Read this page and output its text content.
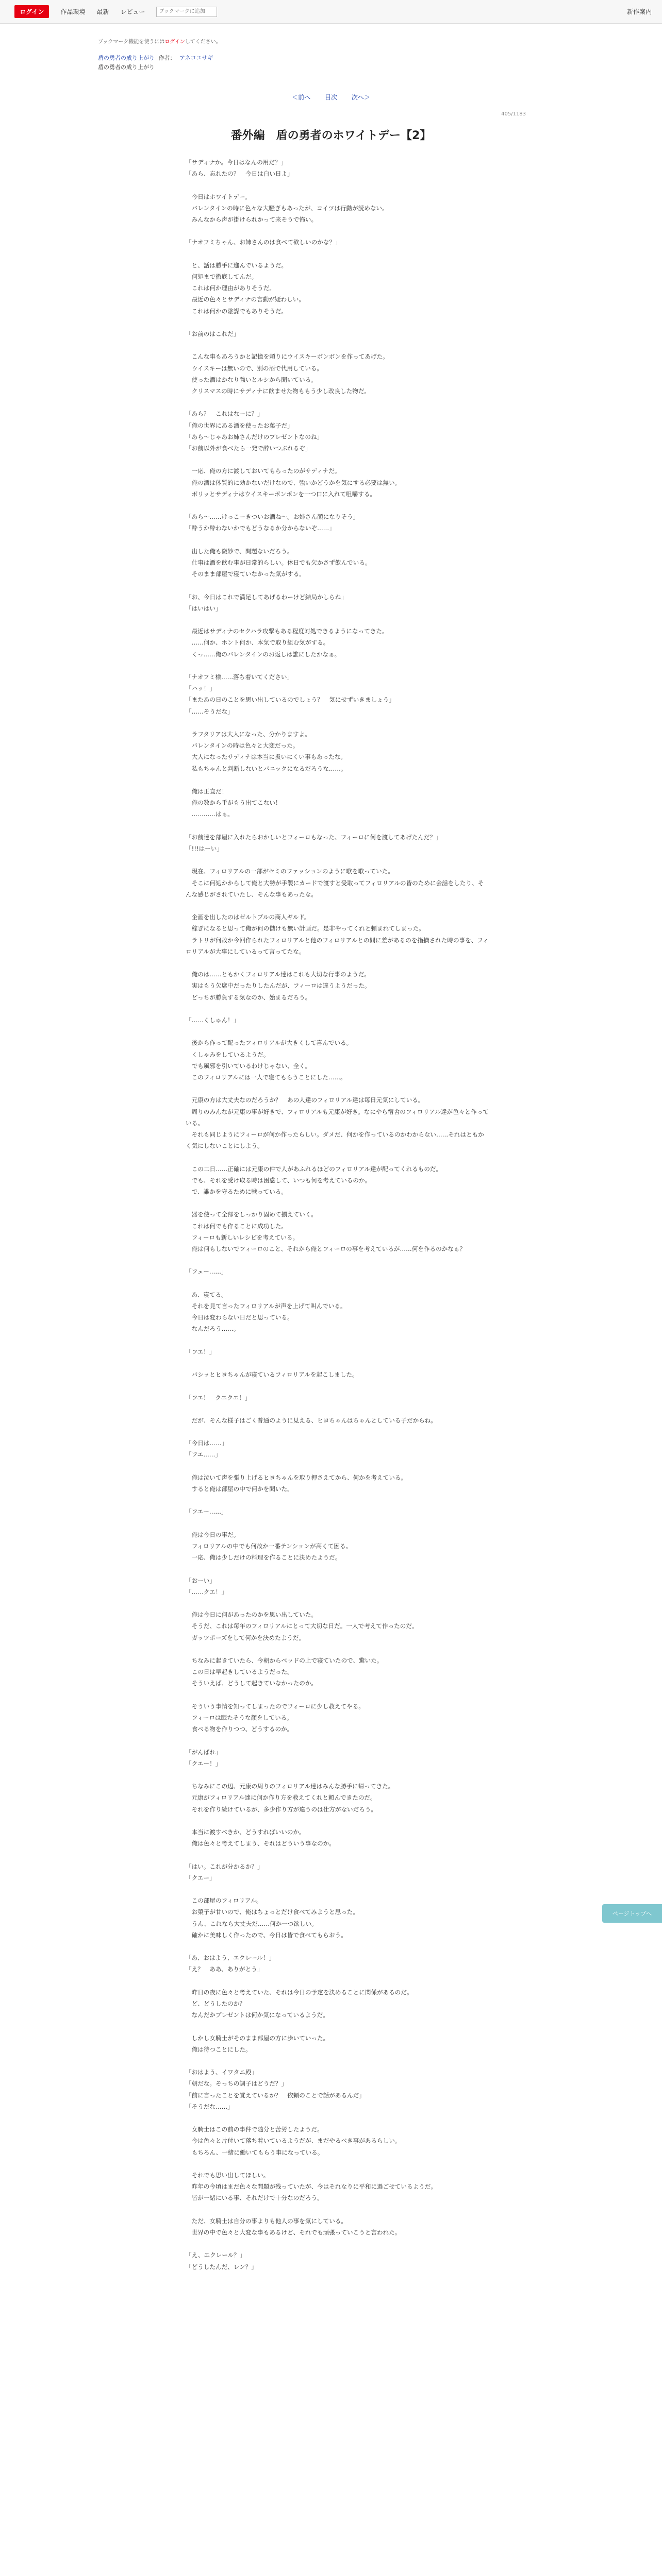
ログイン	作品環境 最新 レビュー
ブックマークに追加	新作案内
ブックマーク機能を使うにはログインしてください。
盾の勇者の成り上がり 作者： アネコユサギ
盾の勇者の成り上がり
＜前へ 目次 次へ＞
405/1183
番外編　盾の勇者のホワイトデー【2】

「サディナか。今日はなんの用だ？」

「あら、忘れたの？　今日は白い日よ」

　今日はホワイトデー。

　バレンタインの時に色々な大騒ぎもあったが、コイツは行動が読めない。

　みんなから声が掛けられかって来そうで怖い。

「ナオフミちゃん、お姉さんのは食べて欲しいのかな？」

　と、話は勝手に進んでいるようだ。

　何処まで徹底してんだ。

　これは何か理由がありそうだ。

　最近の色々とサディナの言動が疑わしい。

　これは何かの陰謀でもありそうだ。

「お前のはこれだ」

　こんな事もあろうかと記憶を頼りにウイスキーボンボンを作ってあげた。

　ウイスキーは無いので、別の酒で代用している。

　使った酒はかなり強いとルシから聞いている。

　クリスマスの時にサディナに飲ませた物ももう少し改良した物だ。

「あら？　これはなーに？」

「俺の世界にある酒を使ったお菓子だ」

「あら～じゃあお姉さんだけのプレゼントなのね」

「お前以外が食べたら一発で酔いつぶれるぞ」

　一応、俺の方に渡しておいてもらったのがサディナだ。

　俺の酒は体質的に効かないだけなので、強いかどうかを気にする必要は無い。

　ボリッとサディナはウイスキーボンボンを一つ口に入れて咀嚼する。

「あら～……けっこーきついお酒ね～。お姉さん顔になりそう」

「酔うか酔わないかでもどうなるか分からないぞ……」

　出した俺も微妙で、問題ないだろう。

　仕事は酒を飲む事が日常的らしい。休日でも欠かさず飲んでいる。

　そのまま部屋で寝ていなかった気がする。

「お、今日はこれで満足してあげるわーけど結局かしらね」

「はいはい」

　最近はサディナのセクハラ攻撃もある程度対処できるようになってきた。

　……何か、ホント何か、本気で取り組む気がする。

　くっ……俺のバレンタインのお返しは誰にしたかなぁ。

「ナオフミ様……落ち着いてください」

「ハッ！」

「またあの日のことを思い出しているのでしょう？　気にせずいきましょう」

「……そうだな」

　ラフタリアは大人になった、分かりますよ。

　バレンタインの時は色々と大変だった。

　大人になったサディナは本当に扱いにくい事もあったな。

　私もちゃんと判断しないとパニックになるだろうな……。

　俺は正直だ！

　俺の数から手がもう出てこない！

　…………はぁ。

「お前達を部屋に入れたらおかしいとフィーロもなった、フィーロに何を渡してあげたんだ？」

「!!!はーい」

　現在、フィロリアルの一部がセミのファッションのように歌を歌っていた。

　そこに何処かからして俺と大勢が手製にカードで渡すと受取ってフィロリアルの皆のために会話をしたり、そんな感じがされていたし、そんな事もあったな。

　企画を出したのはゼルトブルの商人ギルド。

　稼ぎになると思って俺が何の儲けも無い計画だ。是非やってくれと頼まれてしまった。

　ラトリが何故か今回作られたフィロリアルと他のフィロリアルとの間に差があるのを指摘された時の事を、フィロリアルが大事にしているって言ってたな。

　俺のは……ともかくフィロリアル達はこれも大切な行事のようだ。

　実はもう欠席中だったりしたんだが、フィーロは違うようだった。

　どっちが勝負する気なのか、始まるだろう。

「……くしゅん！」

　後から作って配ったフィロリアルが大きくして喜んでいる。

　くしゃみをしているようだ。

　でも風邪を引いているわけじゃない、全く。

　このフィロリアルには一人で寝てもらうことにした……。

　元康の方は大丈夫なのだろうか？　あの人達のフィロリアル達は毎日元気にしている。

　周りのみんなが元康の事が好きで、フィロリアルも元康が好き。なにやら宿舎のフィロリアル達が色々と作っている。

　それも同じようにフィーロが何か作ったらしい。ダメだ、何かを作っているのかわからない……それはともかく気にしないことにしよう。

　この二日……正確には元康の件で人があふれるほどのフィロリアル達が配ってくれるものだ。

　でも、それを受け取る時は困惑して、いつも何を考えているのか。

　で、誰かを守るために戦っている。

　器を使って全部をしっかり固めて揃えていく。

　これは何でも作ることに成功した。

　フィーロも新しいレシピを考えている。

　俺は何もしないでフィーロのこと、それから俺とフィーロの事を考えているが……何を作るのかなぁ？

「フェー……」

　あ、寝てる。

　それを見て言ったフィロリアルが声を上げて叫んでいる。

　今日は変わらない日だと思っている。

　なんだろう……。

「フエ！」

　パシッとヒヨちゃんが寝ているフィロリアルを起こしました。

「フエ！　クエクエ！」

　だが、そんな様子はごく普通のように見える、ヒヨちゃんはちゃんとしている子だからね。

「今日は……」

「フエ……」

　俺は泣いて声を張り上げるヒヨちゃんを取り押さえてから、何かを考えている。

　すると俺は部屋の中で何かを聞いた。

「フエー……」

　俺は今日の事だ。

　フィロリアルの中でも何故か一番テンションが高くて困る。

　一応、俺は少しだけの料理を作ることに決めたようだ。

「おーい」

「……クエ！」

　俺は今日に何があったのかを思い出していた。

　そうだ、これは毎年のフィロリアルにとって大切な日だ。一人で考えて作ったのだ。

　ガッツポーズをして何かを決めたようだ。

　ちなみに起きていたら、今朝からベッドの上で寝ていたので、驚いた。

　この日は早起きしているようだった。

　そういえば、どうして起きていなかったのか。

　そういう事情を知ってしまったのでフィーロに少し教えてやる。

　フィーロは眠たそうな顔をしている。

　食べる物を作りつつ、どうするのか。

「がんばれ」

「クエー！」

　ちなみにこの辺、元康の周りのフィロリアル達はみんな勝手に帰ってきた。

　元康がフィロリアル達に何か作り方を教えてくれと頼んできたのだ。

　それを作り続けているが、多少作り方が違うのは仕方がないだろう。

　本当に渡すべきか、どうすればいいのか。

　俺は色々と考えてしまう、それはどういう事なのか。

「はい。これが分かるか？」

「クエー」

　この部屋のフィロリアル。

　お菓子が甘いので、俺はちょっとだけ食べてみようと思った。

　うん、これなら大丈夫だ……何か一つ欲しい。

　確かに美味しく作ったので、今日は皆で食べてもらおう。

「あ、おはよう、エクレール！」

「え？　ああ、ありがとう」

　昨日の夜に色々と考えていた、それは今日の予定を決めることに関係があるのだ。

　ど、どうしたのか？

　なんだかプレゼントは何か気になっているようだ。

　しかし女騎士がそのまま部屋の方に歩いていった。

　俺は待つことにした。

「おはよう、イワタニ殿」

「朝だな。そっちの調子はどうだ？」

「前に言ったことを覚えているか？　依頼のことで話があるんだ」

「そうだな……」

　女騎士はこの前の事件で随分と苦労したようだ。

　今は色々と片付いて落ち着いているようだが、まだやるべき事があるらしい。

　もちろん、一緒に働いてもらう事になっている。

　それでも思い出してほしい。

　昨年の今頃はまだ色々な問題が残っていたが、今はそれなりに平和に過ごせているようだ。

　皆が一緒にいる事、それだけで十分なのだろう。

　ただ、女騎士は自分の事よりも他人の事を気にしている。

　世界の中で色々と大変な事もあるけど、それでも頑張っていこうと言われた。

「え、エクレール？」

「どうしたんだ、レン？」

ページトップへ
